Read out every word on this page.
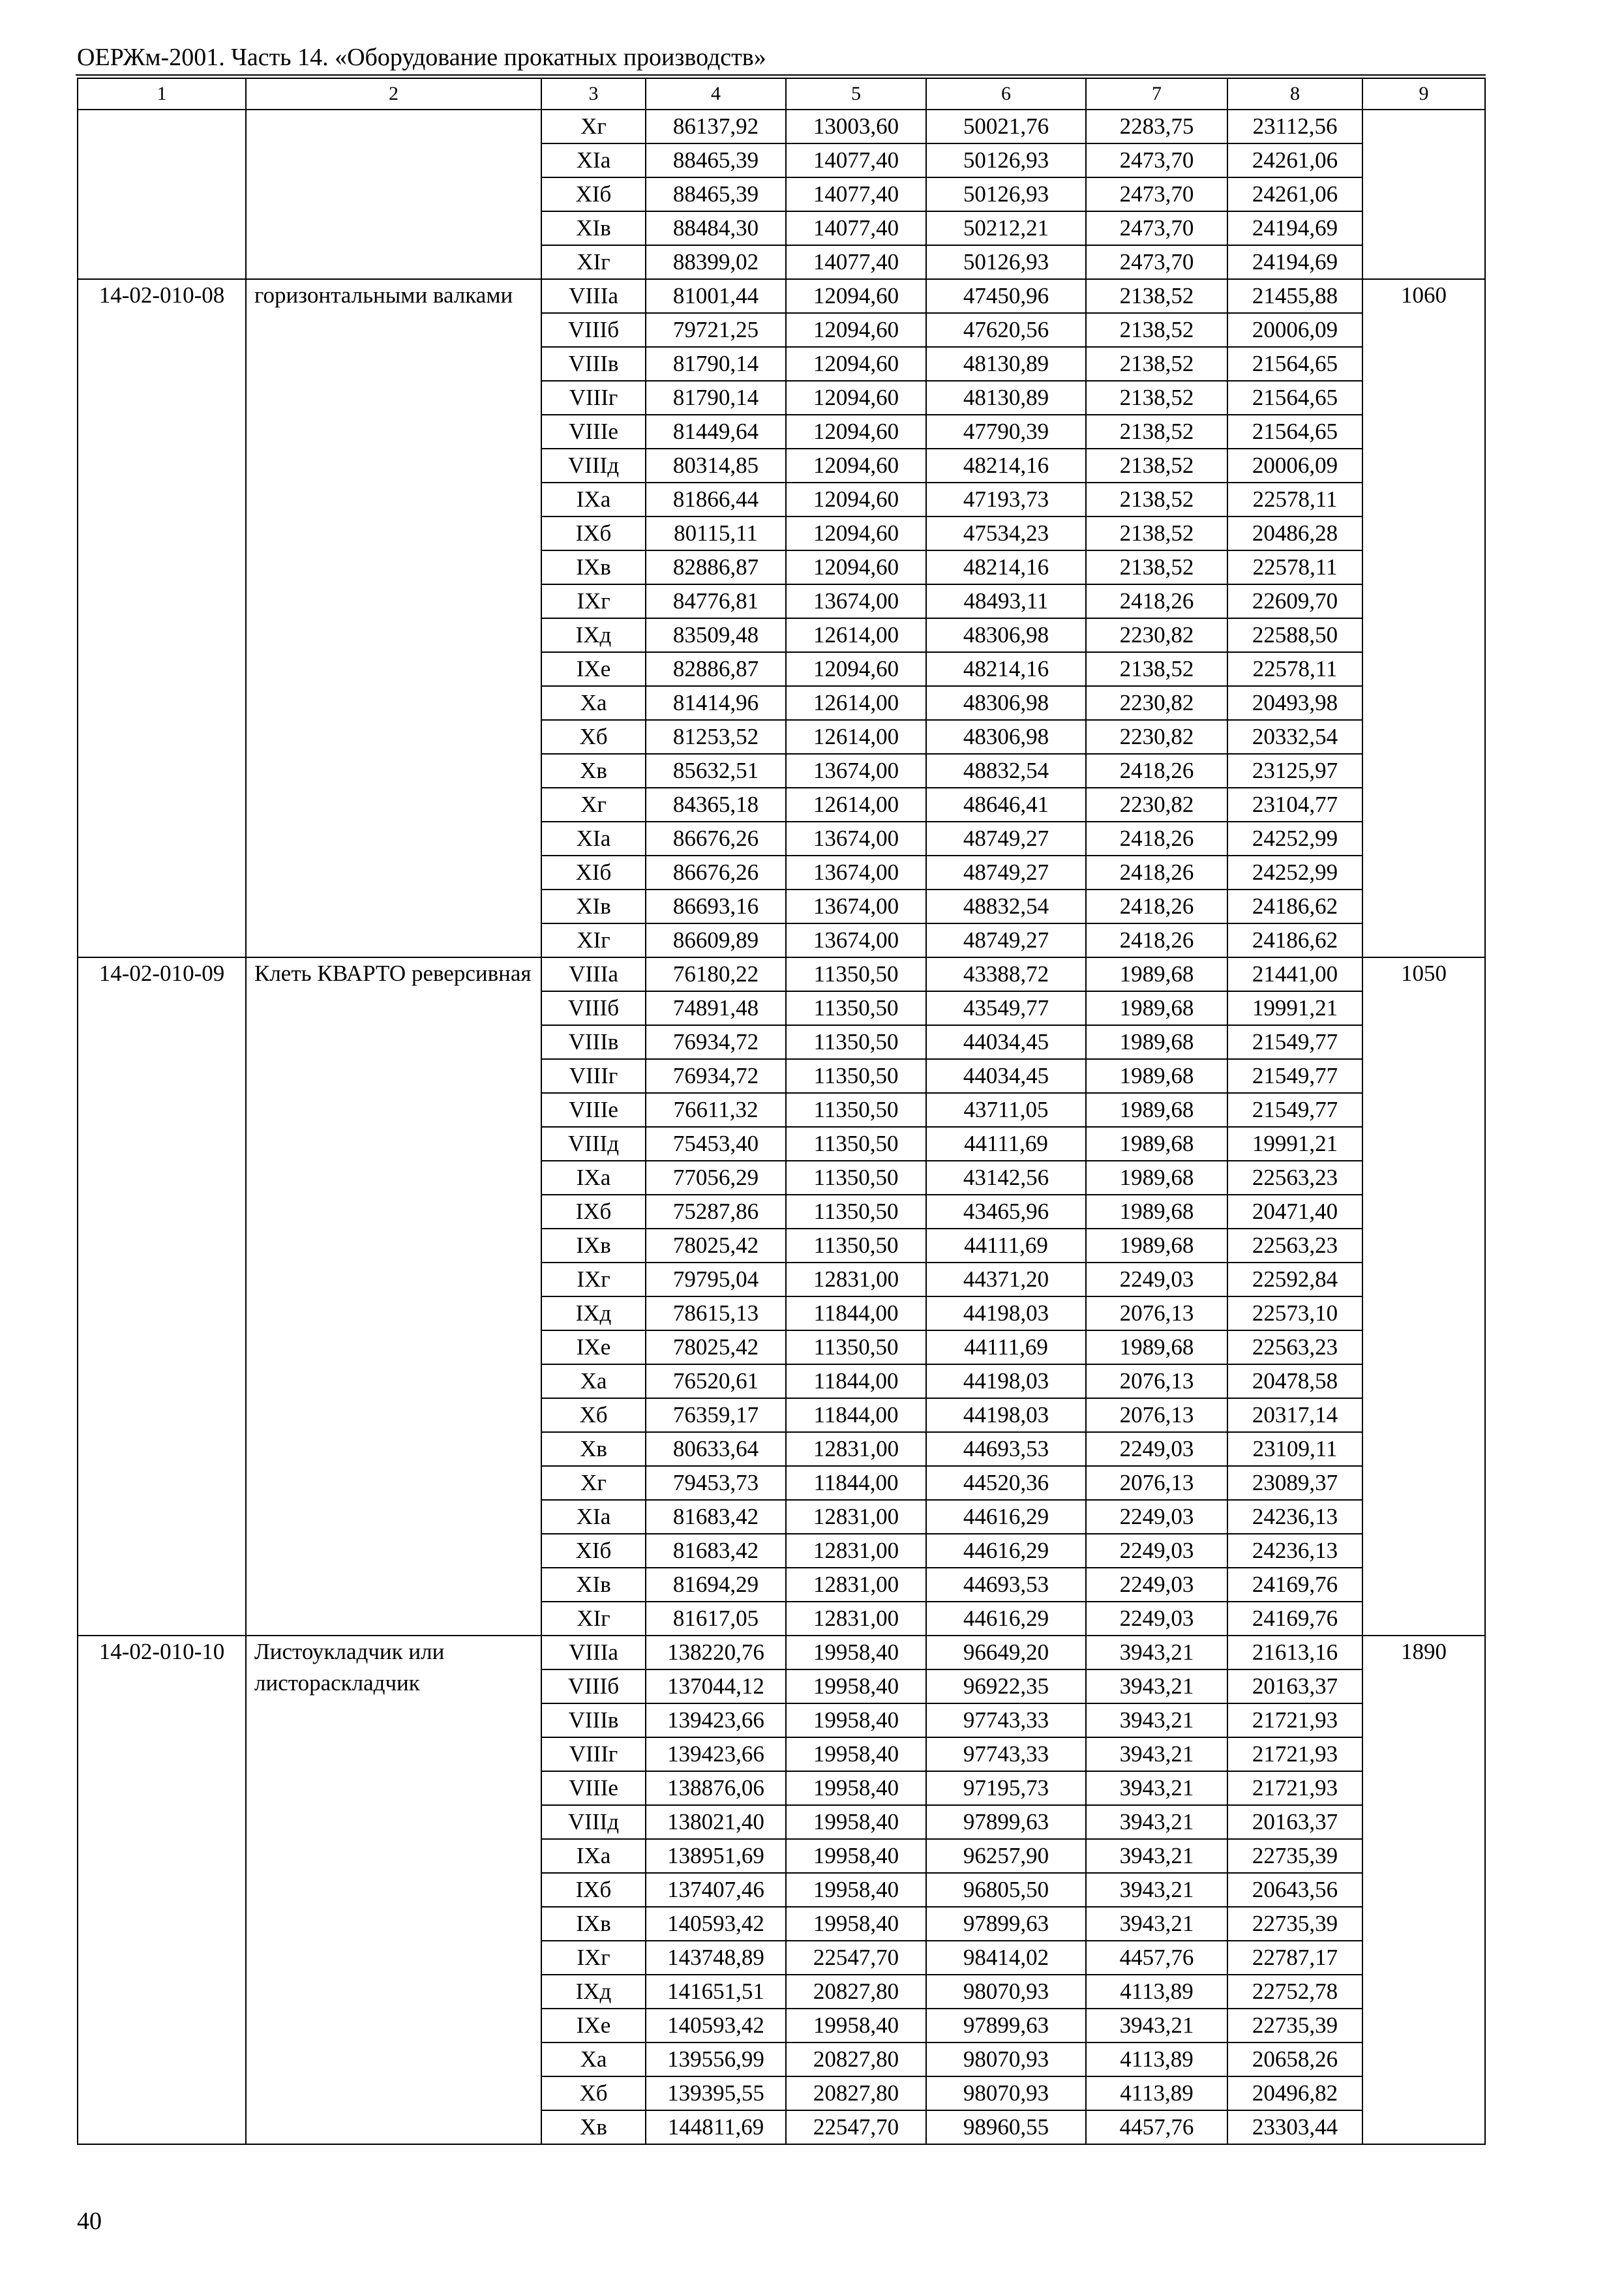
ОЕРЖм-2001. Часть 14. «Оборудование прокатных производств»
1	2	3	4	5	6	7	8	9
		Хг	86137,92	13003,60	50021,76	2283,75	23112,56	
		ХIа	88465,39	14077,40	50126,93	2473,70	24261,06	
		ХIб	88465,39	14077,40	50126,93	2473,70	24261,06	
		ХIв	88484,30	14077,40	50212,21	2473,70	24194,69	
		ХIг	88399,02	14077,40	50126,93	2473,70	24194,69	
14-02-010-08	горизонтальными валками	VIIIа	81001,44	12094,60	47450,96	2138,52	21455,88	1060
		VIIIб	79721,25	12094,60	47620,56	2138,52	20006,09	
		VIIIв	81790,14	12094,60	48130,89	2138,52	21564,65	
		VIIIг	81790,14	12094,60	48130,89	2138,52	21564,65	
		VIIIе	81449,64	12094,60	47790,39	2138,52	21564,65	
		VIIIд	80314,85	12094,60	48214,16	2138,52	20006,09	
		IХа	81866,44	12094,60	47193,73	2138,52	22578,11	
		IХб	80115,11	12094,60	47534,23	2138,52	20486,28	
		IХв	82886,87	12094,60	48214,16	2138,52	22578,11	
		IХг	84776,81	13674,00	48493,11	2418,26	22609,70	
		IХд	83509,48	12614,00	48306,98	2230,82	22588,50	
		IХе	82886,87	12094,60	48214,16	2138,52	22578,11	
		Ха	81414,96	12614,00	48306,98	2230,82	20493,98	
		Хб	81253,52	12614,00	48306,98	2230,82	20332,54	
		Хв	85632,51	13674,00	48832,54	2418,26	23125,97	
		Хг	84365,18	12614,00	48646,41	2230,82	23104,77	
		ХIа	86676,26	13674,00	48749,27	2418,26	24252,99	
		ХIб	86676,26	13674,00	48749,27	2418,26	24252,99	
		ХIв	86693,16	13674,00	48832,54	2418,26	24186,62	
		ХIг	86609,89	13674,00	48749,27	2418,26	24186,62	
14-02-010-09	Клеть КВАРТО реверсивная	VIIIа	76180,22	11350,50	43388,72	1989,68	21441,00	1050
		VIIIб	74891,48	11350,50	43549,77	1989,68	19991,21	
		VIIIв	76934,72	11350,50	44034,45	1989,68	21549,77	
		VIIIг	76934,72	11350,50	44034,45	1989,68	21549,77	
		VIIIе	76611,32	11350,50	43711,05	1989,68	21549,77	
		VIIIд	75453,40	11350,50	44111,69	1989,68	19991,21	
		IХа	77056,29	11350,50	43142,56	1989,68	22563,23	
		IХб	75287,86	11350,50	43465,96	1989,68	20471,40	
		IХв	78025,42	11350,50	44111,69	1989,68	22563,23	
		IХг	79795,04	12831,00	44371,20	2249,03	22592,84	
		IХд	78615,13	11844,00	44198,03	2076,13	22573,10	
		IХе	78025,42	11350,50	44111,69	1989,68	22563,23	
		Ха	76520,61	11844,00	44198,03	2076,13	20478,58	
		Хб	76359,17	11844,00	44198,03	2076,13	20317,14	
		Хв	80633,64	12831,00	44693,53	2249,03	23109,11	
		Хг	79453,73	11844,00	44520,36	2076,13	23089,37	
		ХIа	81683,42	12831,00	44616,29	2249,03	24236,13	
		ХIб	81683,42	12831,00	44616,29	2249,03	24236,13	
		ХIв	81694,29	12831,00	44693,53	2249,03	24169,76	
		ХIг	81617,05	12831,00	44616,29	2249,03	24169,76	
14-02-010-10	Листоукладчик или листораскладчик	VIIIа	138220,76	19958,40	96649,20	3943,21	21613,16	1890
		VIIIб	137044,12	19958,40	96922,35	3943,21	20163,37	
		VIIIв	139423,66	19958,40	97743,33	3943,21	21721,93	
		VIIIг	139423,66	19958,40	97743,33	3943,21	21721,93	
		VIIIе	138876,06	19958,40	97195,73	3943,21	21721,93	
		VIIIд	138021,40	19958,40	97899,63	3943,21	20163,37	
		IХа	138951,69	19958,40	96257,90	3943,21	22735,39	
		IХб	137407,46	19958,40	96805,50	3943,21	20643,56	
		IХв	140593,42	19958,40	97899,63	3943,21	22735,39	
		IХг	143748,89	22547,70	98414,02	4457,76	22787,17	
		IХд	141651,51	20827,80	98070,93	4113,89	22752,78	
		IХе	140593,42	19958,40	97899,63	3943,21	22735,39	
		Ха	139556,99	20827,80	98070,93	4113,89	20658,26	
		Хб	139395,55	20827,80	98070,93	4113,89	20496,82	
		Хв	144811,69	22547,70	98960,55	4457,76	23303,44	
40
